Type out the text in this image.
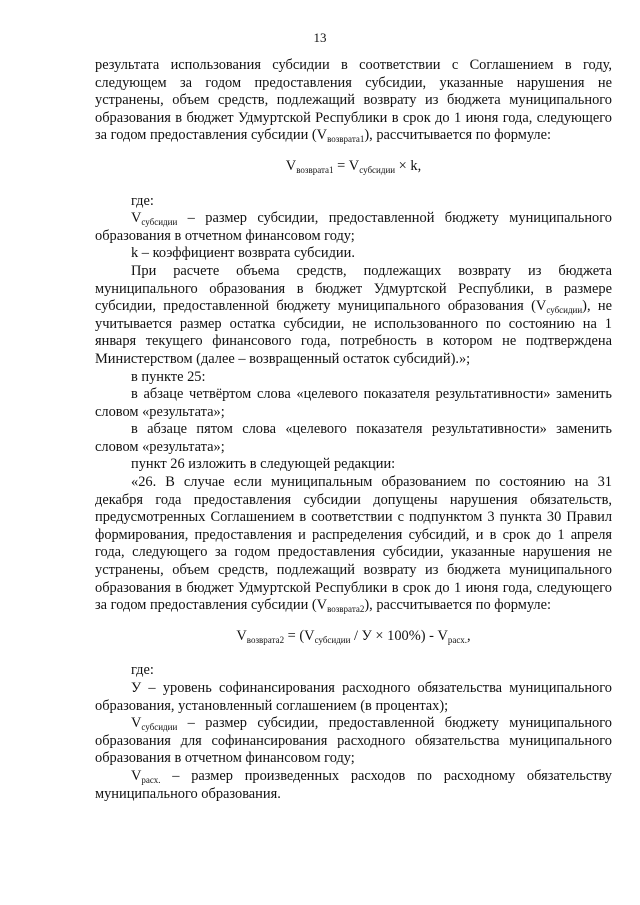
13

результата использования субсидии в соответствии с Соглашением в году, следующем за годом предоставления субсидии, указанные нарушения не устранены, объем средств, подлежащий возврату из бюджета муниципального образования в бюджет Удмуртской Республики в срок до 1 июня года, следующего за годом предоставления субсидии $(V_{возврата1})$, рассчитывается по формуле:

$V_{возврата1} = V_{субсидии} \times k$,

где:

$V_{субсидии}$ – размер субсидии, предоставленной бюджету муниципального образования в отчетном финансовом году;

k – коэффициент возврата субсидии.

При расчете объема средств, подлежащих возврату из бюджета муниципального образования в бюджет Удмуртской Республики, в размере субсидии, предоставленной бюджету муниципального образования $(V_{субсидии})$, не учитывается размер остатка субсидии, не использованного по состоянию на 1 января текущего финансового года, потребность в котором не подтверждена Министерством (далее – возвращенный остаток субсидий).»;

в пункте 25:

в абзаце четвёртом слова «целевого показателя результативности» заменить словом «результата»;

в абзаце пятом слова «целевого показателя результативности» заменить словом «результата»;

пункт 26 изложить в следующей редакции:

«26. В случае если муниципальным образованием по состоянию на 31 декабря года предоставления субсидии допущены нарушения обязательств, предусмотренных Соглашением в соответствии с подпунктом 3 пункта 30 Правил формирования, предоставления и распределения субсидий, и в срок до 1 апреля года, следующего за годом предоставления субсидии, указанные нарушения не устранены, объем средств, подлежащий возврату из бюджета муниципального образования в бюджет Удмуртской Республики в срок до 1 июня года, следующего за годом предоставления субсидии $(V_{возврата2})$, рассчитывается по формуле:

$V_{возврата2} = (V_{субсидии} / У \times 100\%) - V_{расх.}$,

где:

У – уровень софинансирования расходного обязательства муниципального образования, установленный соглашением (в процентах);

$V_{субсидии}$ – размер субсидии, предоставленной бюджету муниципального образования для софинансирования расходного обязательства муниципального образования в отчетном финансовом году;

$V_{расх.}$ – размер произведенных расходов по расходному обязательству муниципального образования.
